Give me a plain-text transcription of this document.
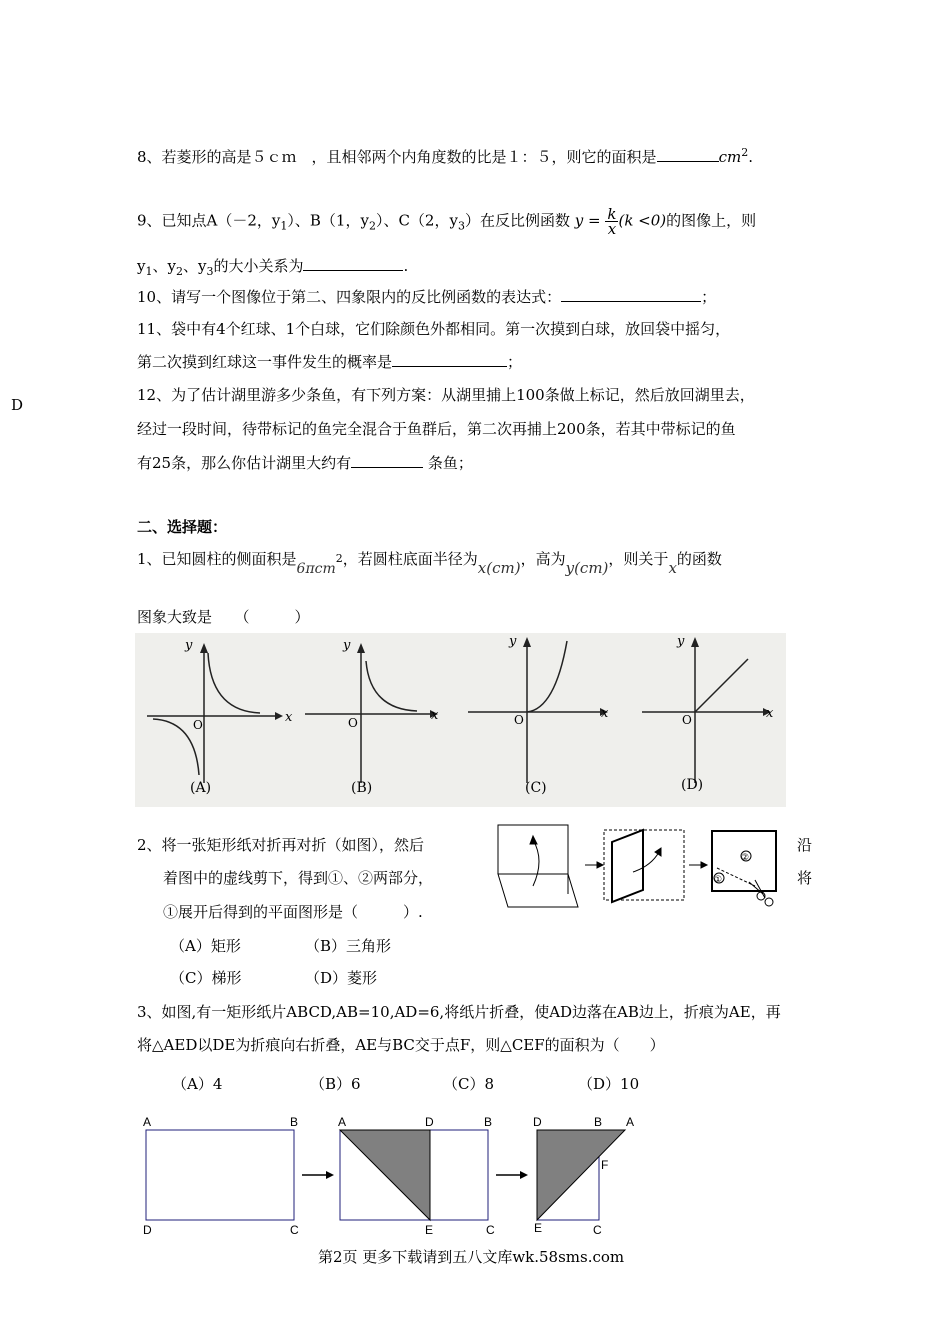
D
8、若菱形的高是５ｃｍ　，且相邻两个内角度数的比是１：５，则它的面积是	$cm^2$.
9、已知点A（－2，$y_1$）、B（1，$y_2$）、C（2，$y_3$）在反比例函数 $y = \frac{k}{x} (k <0)$的图像上，则
$y_1$、$y_2$、$y_3$的大小关系为	.
10、请写一个图像位于第二、四象限内的反比例函数的表达式：	；
11、袋中有4个红球、1个白球，它们除颜色外都相同。第一次摸到白球，放回袋中摇匀，
第二次摸到红球这一事件发生的概率是	；
12、为了估计湖里游多少条鱼，有下列方案：从湖里捕上100条做上标记，然后放回湖里去，
经过一段时间，待带标记的鱼完全混合于鱼群后，第二次再捕上200条，若其中带标记的鱼
有25条，那么你估计湖里大约有	条鱼；
二、选择题：
1、已知圆柱的侧面积是6πcm$^2$，若圆柱底面半径为x(cm)，高为y(cm)，则关于x的函数
图象大致是　　（　　　）
x
y
O
(A)
x
y
O
(B)
x
y
O
(C)
x
y
O
(D)
2、将一张矩形纸对折再对折（如图），然后	沿
着图中的虚线剪下，得到①、②两部分，	将
①展开后得到的平面图形是（　　　）.
（A）矩形	（B）三角形
（C）梯形	（D）菱形
①
②
3、如图,有一矩形纸片ABCD,AB=10,AD=6,将纸片折叠，使AD边落在AB边上，折痕为AE，再
将△AED以DE为折痕向右折叠，AE与BC交于点F，则△CEF的面积为（　　）
（A）4	（B）6	（C）8	（D）10
A	B
D	C
A	D	B
E	C
D	B A
F
E	C
第2页 更多下载请到五八文库wk.58sms.com
